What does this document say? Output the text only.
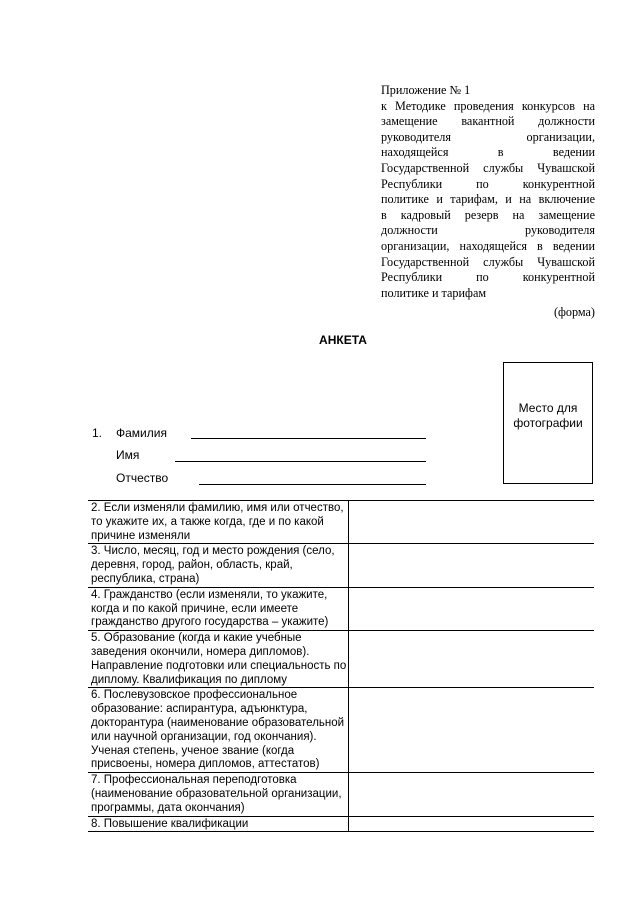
Приложение № 1
к Методике проведения конкурсов на
замещение вакантной должности
руководителя организации,
находящейся в ведении
Государственной службы Чувашской
Республики по конкурентной
политике и тарифам, и на включение
в кадровый резерв на замещение
должности руководителя
организации, находящейся в ведении
Государственной службы Чувашской
Республики по конкурентной
политике и тарифам
(форма)
АНКЕТА
Место для фотографии
1. Фамилия
Имя
Отчество
2. Если изменяли фамилию, имя или отчество, то укажите их, а также когда, где и по какой причине изменяли	
3. Число, месяц, год и место рождения (село, деревня, город, район, область, край, республика, страна)	
4. Гражданство (если изменяли, то укажите, когда и по какой причине, если имеете гражданство другого государства – укажите)	
5. Образование (когда и какие учебные заведения окончили, номера дипломов).
Направление подготовки или специальность по диплому. Квалификация по диплому	
6. Послевузовское профессиональное образование: аспирантура, адъюнктура, докторантура (наименование образовательной или научной организации, год окончания).
Ученая степень, ученое звание (когда присвоены, номера дипломов, аттестатов)	
7. Профессиональная переподготовка (наименование образовательной организации, программы, дата окончания)	
8. Повышение квалификации	
